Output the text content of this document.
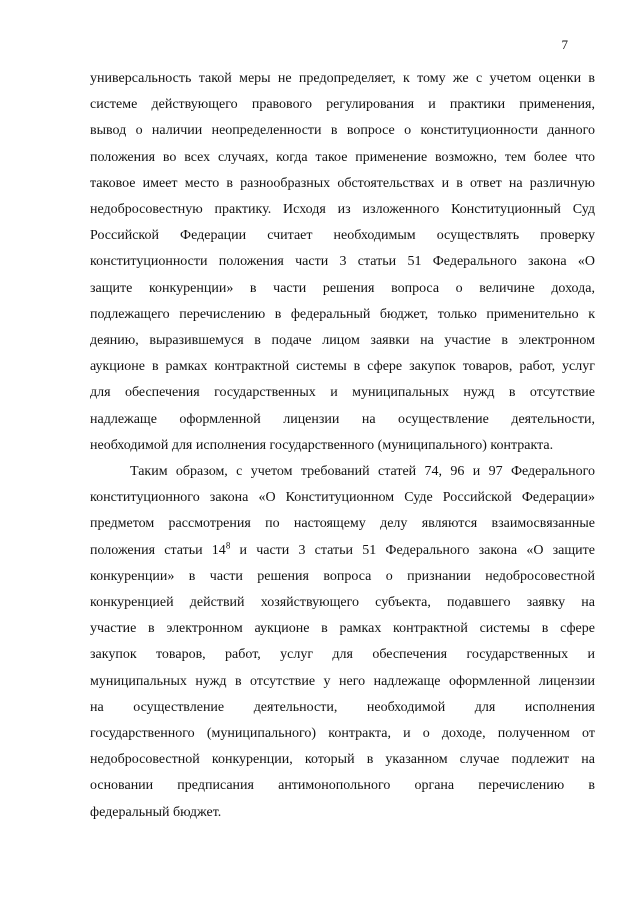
7
универсальность такой меры не предопределяет, к тому же с учетом оценки в
системе действующего правового регулирования и практики применения,
вывод о наличии неопределенности в вопросе о конституционности данного
положения во всех случаях, когда такое применение возможно, тем более что
таковое имеет место в разнообразных обстоятельствах и в ответ на различную
недобросовестную практику. Исходя из изложенного Конституционный Суд
Российской Федерации считает необходимым осуществлять проверку
конституционности положения части 3 статьи 51 Федерального закона «О
защите конкуренции» в части решения вопроса о величине дохода,
подлежащего перечислению в федеральный бюджет, только применительно к
деянию, выразившемуся в подаче лицом заявки на участие в электронном
аукционе в рамках контрактной системы в сфере закупок товаров, работ, услуг
для обеспечения государственных и муниципальных нужд в отсутствие
надлежаще оформленной лицензии на осуществление деятельности,
необходимой для исполнения государственного (муниципального) контракта.
Таким образом, с учетом требований статей 74, 96 и 97 Федерального
конституционного закона «О Конституционном Суде Российской Федерации»
предметом рассмотрения по настоящему делу являются взаимосвязанные
положения статьи $14^8$ и части 3 статьи 51 Федерального закона «О защите
конкуренции» в части решения вопроса о признании недобросовестной
конкуренцией действий хозяйствующего субъекта, подавшего заявку на
участие в электронном аукционе в рамках контрактной системы в сфере
закупок товаров, работ, услуг для обеспечения государственных и
муниципальных нужд в отсутствие у него надлежаще оформленной лицензии
на осуществление деятельности, необходимой для исполнения
государственного (муниципального) контракта, и о доходе, полученном от
недобросовестной конкуренции, который в указанном случае подлежит на
основании предписания антимонопольного органа перечислению в
федеральный бюджет.
